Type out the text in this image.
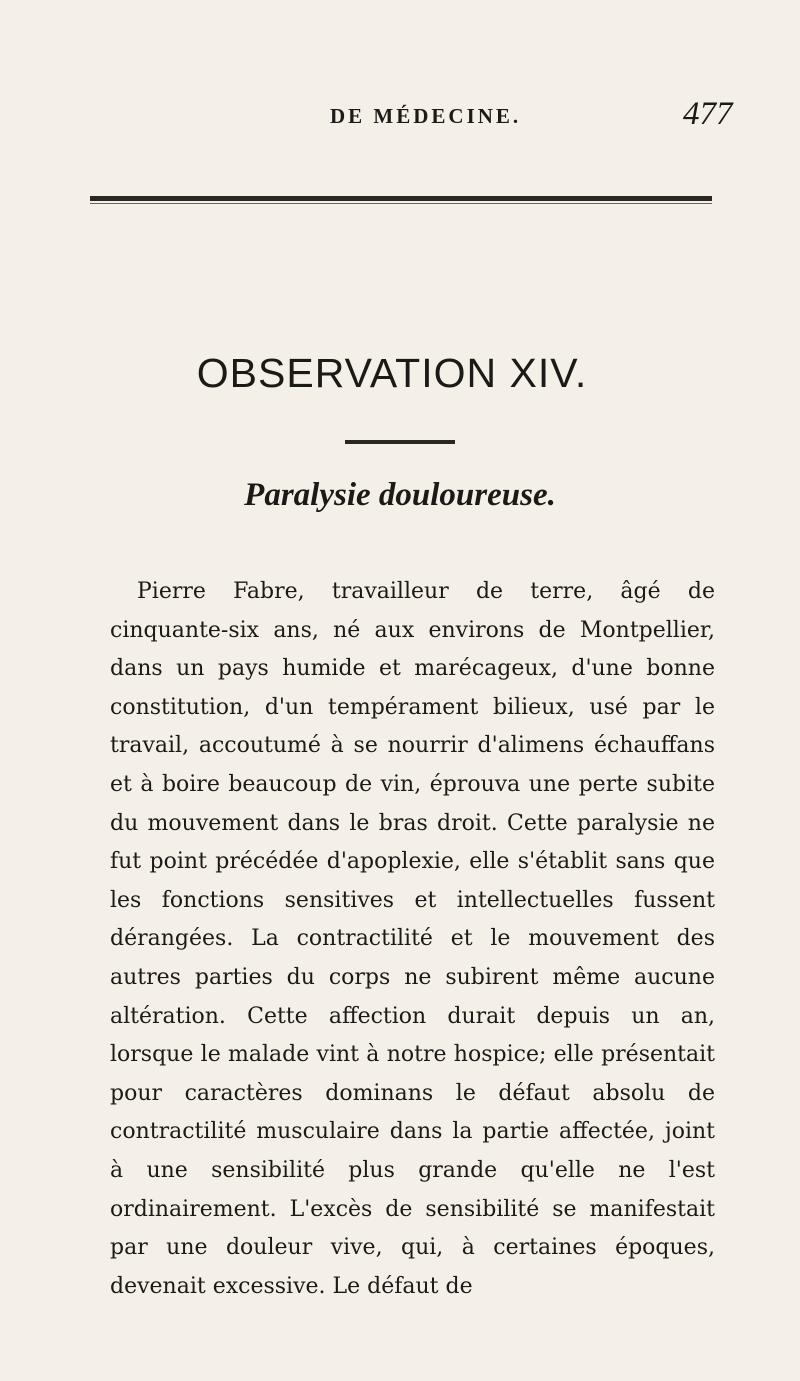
DE MÉDECINE.	477
OBSERVATION XIV.
Paralysie douloureuse.

Pierre Fabre, travailleur de terre, âgé de cinquante-six ans, né aux environs de Montpellier, dans un pays humide et marécageux, d'une bonne constitution, d'un tempérament bilieux, usé par le travail, accoutumé à se nourrir d'alimens échauffans et à boire beaucoup de vin, éprouva une perte subite du mouvement dans le bras droit. Cette paralysie ne fut point précédée d'apoplexie, elle s'établit sans que les fonctions sensitives et intellectuelles fussent dérangées. La contractilité et le mouvement des autres parties du corps ne subirent même aucune altération. Cette affection durait depuis un an, lorsque le malade vint à notre hospice; elle présentait pour caractères dominans le défaut absolu de contractilité musculaire dans la partie affectée, joint à une sensibilité plus grande qu'elle ne l'est ordinairement. L'excès de sensibilité se manifestait par une douleur vive, qui, à certaines époques, devenait excessive. Le défaut de
